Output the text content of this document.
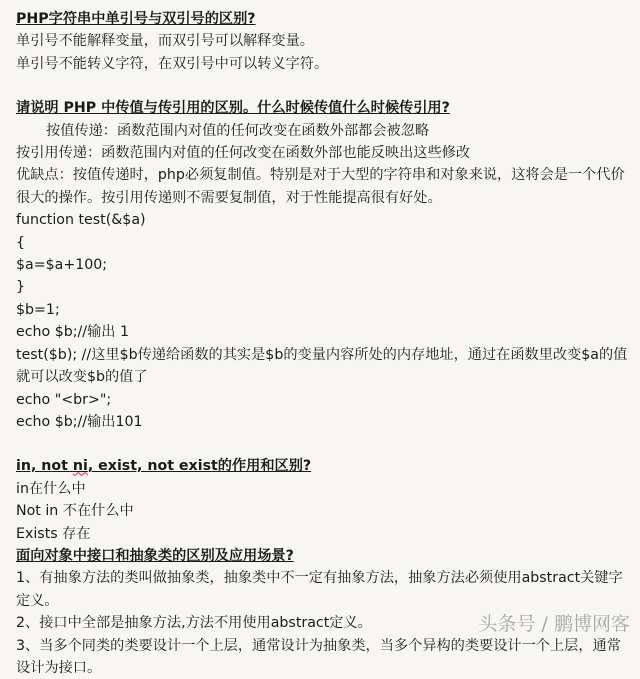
PHP字符串中单引号与双引号的区别?
单引号不能解释变量，而双引号可以解释变量。
单引号不能转义字符，在双引号中可以转义字符。
请说明 PHP 中传值与传引用的区别。什么时候传值什么时候传引用?
按值传递：函数范围内对值的任何改变在函数外部都会被忽略
按引用传递：函数范围内对值的任何改变在函数外部也能反映出这些修改
优缺点：按值传递时，php必须复制值。特别是对于大型的字符串和对象来说，这将会是一个代价很大的操作。按引用传递则不需要复制值，对于性能提高很有好处。
function test(&$a)
{
$a=$a+100;
}
$b=1;
echo $b;//输出 1
test($b); //这里$b传递给函数的其实是$b的变量内容所处的内存地址，通过在函数里改变$a的值就可以改变$b的值了
echo "<br>";
echo $b;//输出101
in, not ni, exist, not exist的作用和区别?
in在什么中
Not in 不在什么中
Exists 存在
面向对象中接口和抽象类的区别及应用场景?
1、有抽象方法的类叫做抽象类，抽象类中不一定有抽象方法，抽象方法必须使用abstract关键字定义。
2、接口中全部是抽象方法,方法不用使用abstract定义。
3、当多个同类的类要设计一个上层，通常设计为抽象类，当多个异构的类要设计一个上层，通常设计为接口。
头条号 / 鹏博网客
